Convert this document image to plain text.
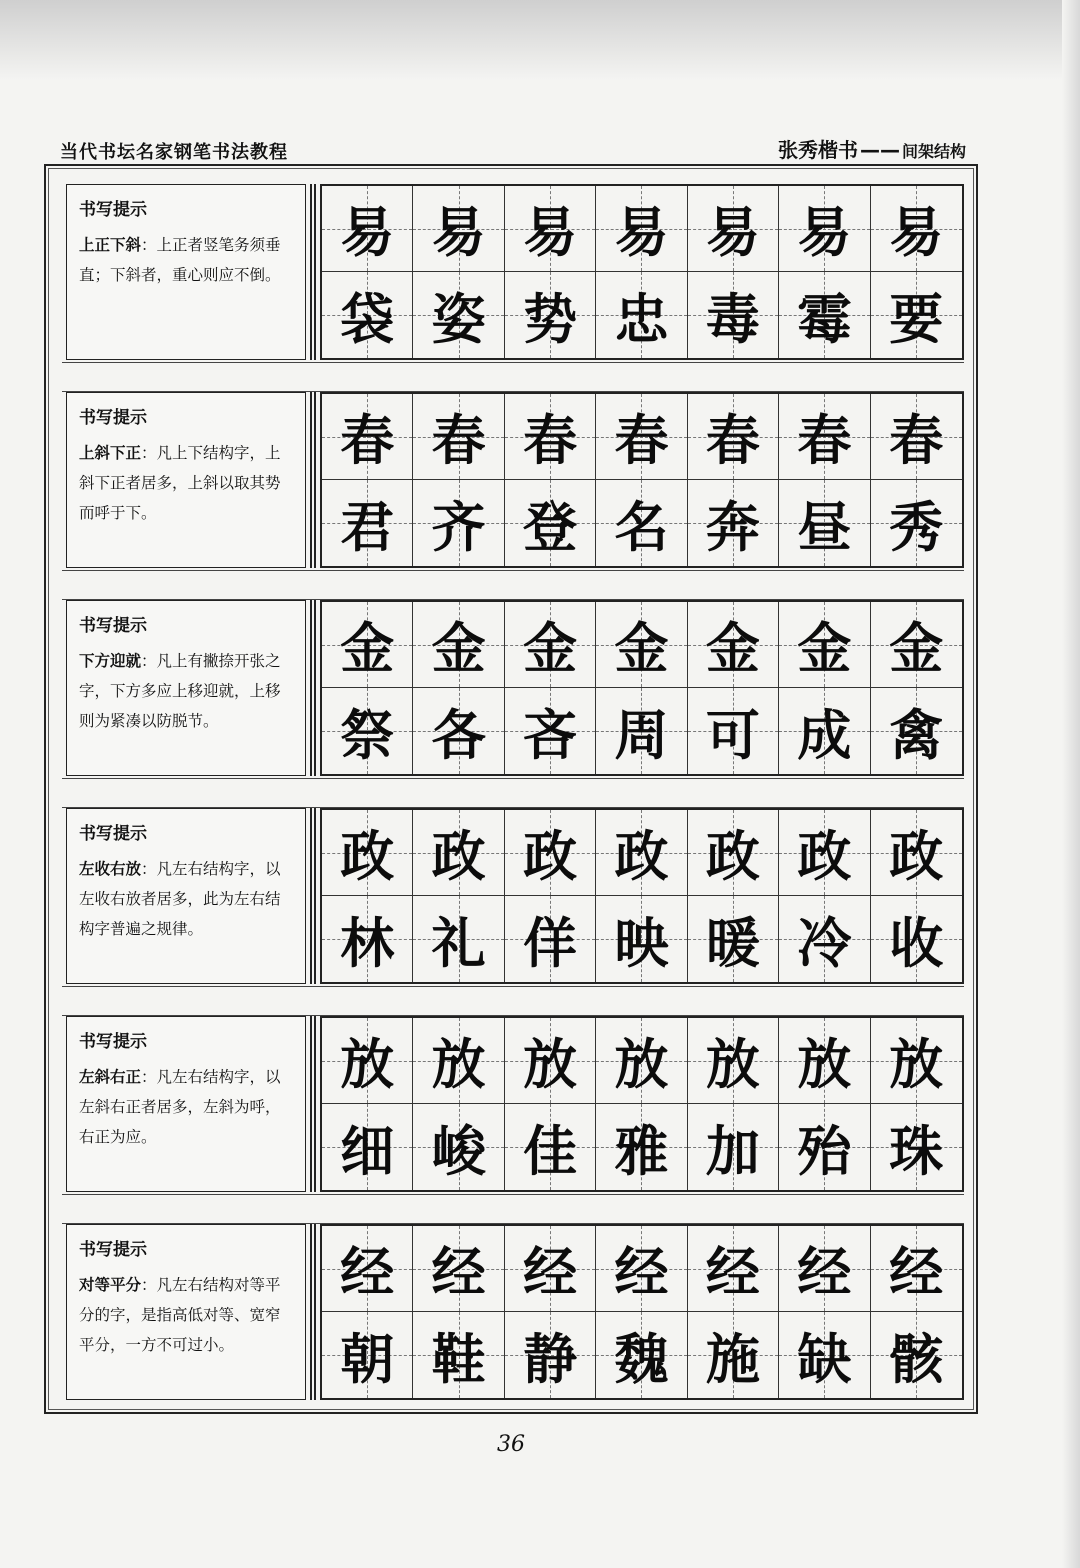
当代书坛名家钢笔书法教程	张秀楷书 —— 间架结构
书写提示
上正下斜：上正者竖笔务须垂直；下斜者，重心则应不倒。
易 易 易 易 易 易 易
袋 姿 势 忠 毒 霉 要
书写提示
上斜下正：凡上下结构字，上斜下正者居多，上斜以取其势而呼于下。
春 春 春 春 春 春 春
君 齐 登 名 奔 昼 秀
书写提示
下方迎就：凡上有撇捺开张之字，下方多应上移迎就，上移则为紧凑以防脱节。
金 金 金 金 金 金 金
祭 各 吝 周 可 成 禽
书写提示
左收右放：凡左右结构字，以左收右放者居多，此为左右结构字普遍之规律。
政 政 政 政 政 政 政
林 礼 佯 映 暖 冷 收
书写提示
左斜右正：凡左右结构字，以左斜右正者居多，左斜为呼，右正为应。
放 放 放 放 放 放 放
细 峻 佳 雅 加 殆 珠
书写提示
对等平分：凡左右结构对等平分的字，是指高低对等、宽窄平分，一方不可过小。
经 经 经 经 经 经 经
朝 鞋 静 魏 施 缺 骸
36
